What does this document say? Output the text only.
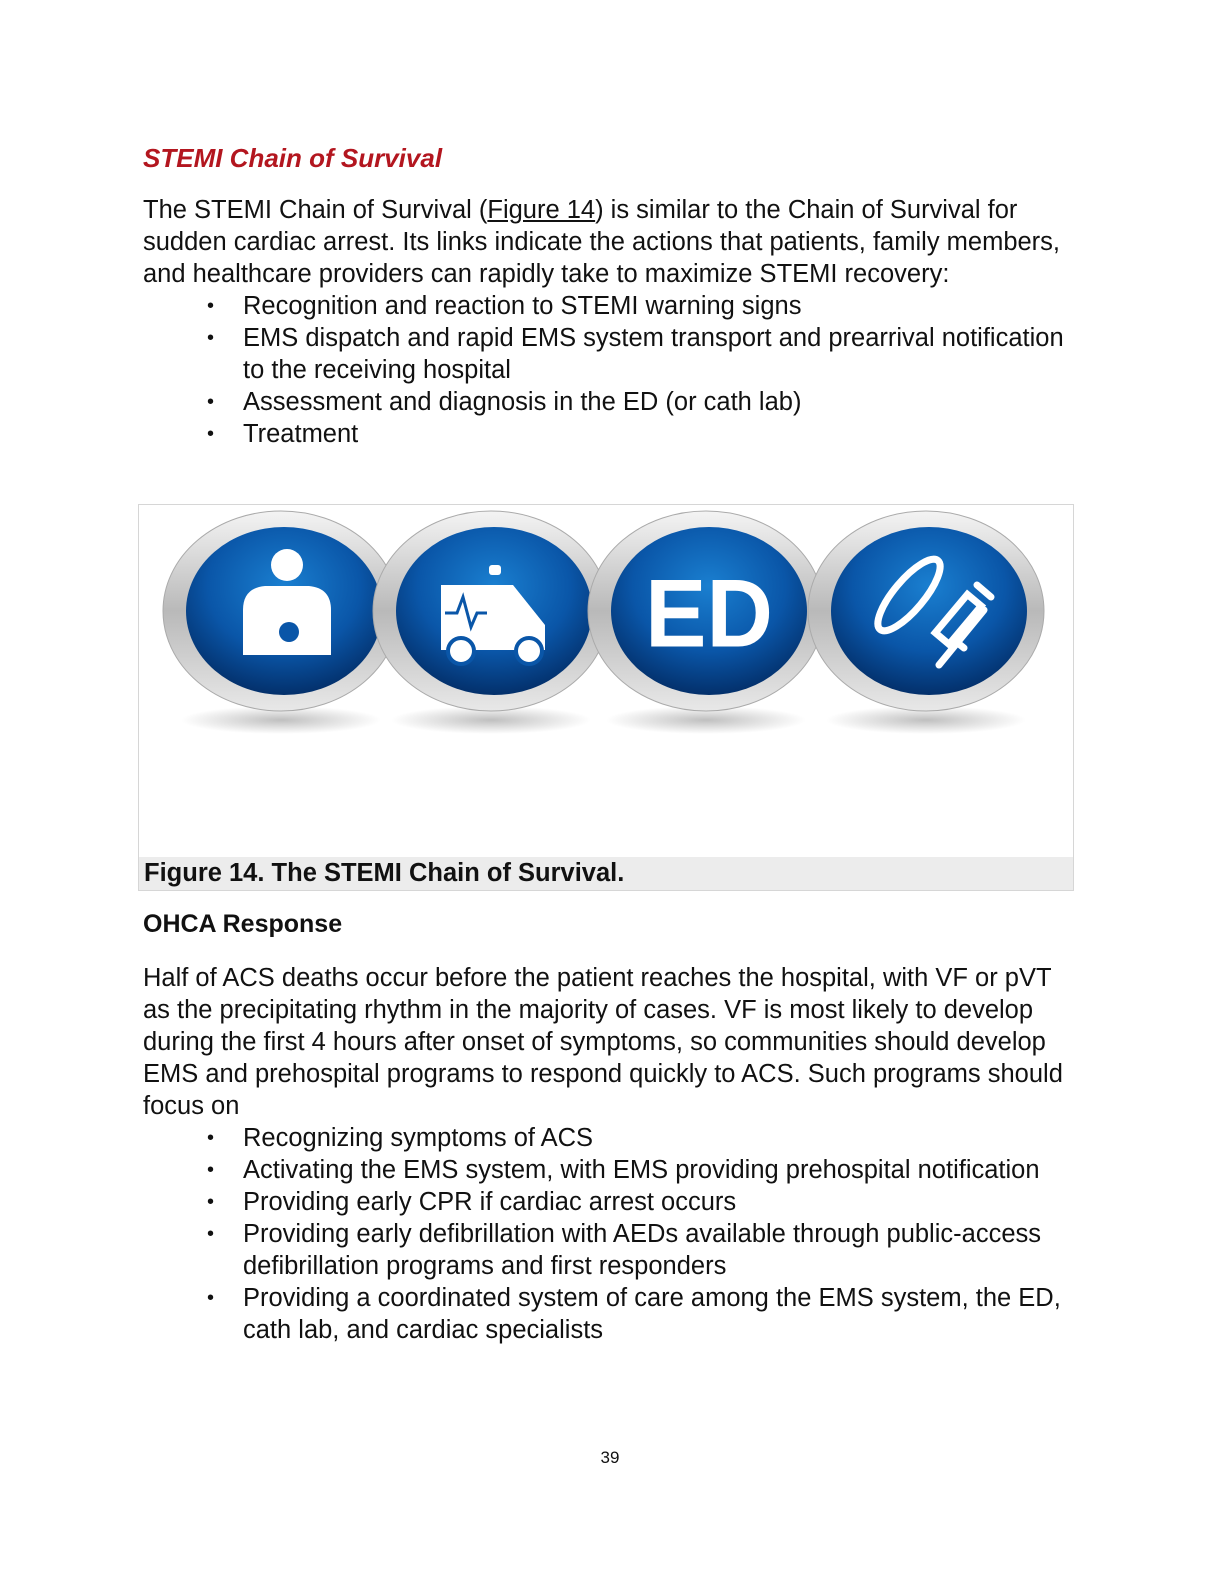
STEMI Chain of Survival

The STEMI Chain of Survival (Figure 14) is similar to the Chain of Survival for sudden cardiac arrest. Its links indicate the actions that patients, family members, and healthcare providers can rapidly take to maximize STEMI recovery:

• Recognition and reaction to STEMI warning signs
• EMS dispatch and rapid EMS system transport and prearrival notification to the receiving hospital
• Assessment and diagnosis in the ED (or cath lab)
• Treatment
ED
Figure 14. The STEMI Chain of Survival.
OHCA Response

Half of ACS deaths occur before the patient reaches the hospital, with VF or pVT as the precipitating rhythm in the majority of cases. VF is most likely to develop during the first 4 hours after onset of symptoms, so communities should develop EMS and prehospital programs to respond quickly to ACS. Such programs should focus on

• Recognizing symptoms of ACS
• Activating the EMS system, with EMS providing prehospital notification
• Providing early CPR if cardiac arrest occurs
• Providing early defibrillation with AEDs available through public-access defibrillation programs and first responders
• Providing a coordinated system of care among the EMS system, the ED, cath lab, and cardiac specialists
39
